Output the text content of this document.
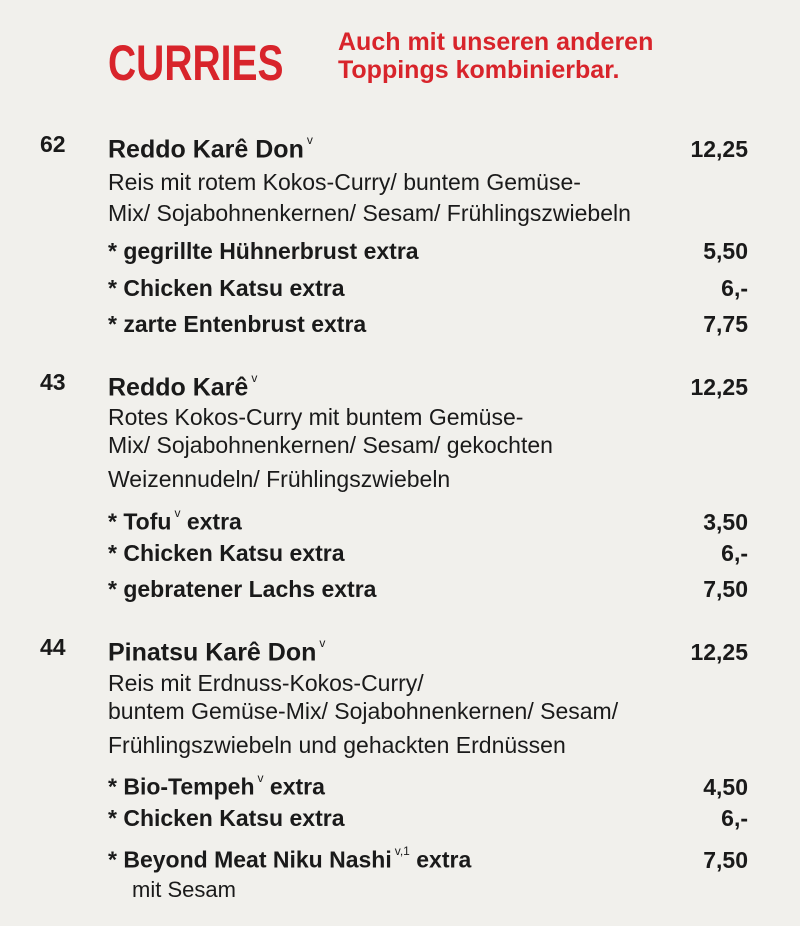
CURRIES Auch mit unseren anderen
Toppings kombinierbar.
62 Reddo Karê Don $^v$	12,25
Reis mit rotem Kokos-Curry/ buntem Gemüse-
Mix/ Sojabohnenkernen/ Sesam/ Frühlingszwiebeln
* gegrillte Hühnerbrust extra	5,50
* Chicken Katsu extra	6,-
* zarte Entenbrust extra	7,75
43 Reddo Karê $^v$	12,25
Rotes Kokos-Curry mit buntem Gemüse-
Mix/ Sojabohnenkernen/ Sesam/ gekochten
Weizennudeln/ Frühlingszwiebeln
* Tofu $^v$ extra	3,50
* Chicken Katsu extra	6,-
* gebratener Lachs extra	7,50
44 Pinatsu Karê Don $^v$	12,25
Reis mit Erdnuss-Kokos-Curry/
buntem Gemüse-Mix/ Sojabohnenkernen/ Sesam/
Frühlingszwiebeln und gehackten Erdnüssen
* Bio-Tempeh $^v$ extra	4,50
* Chicken Katsu extra	6,-
* Beyond Meat Niku Nashi $^{v,1}$ extra	7,50
mit Sesam
